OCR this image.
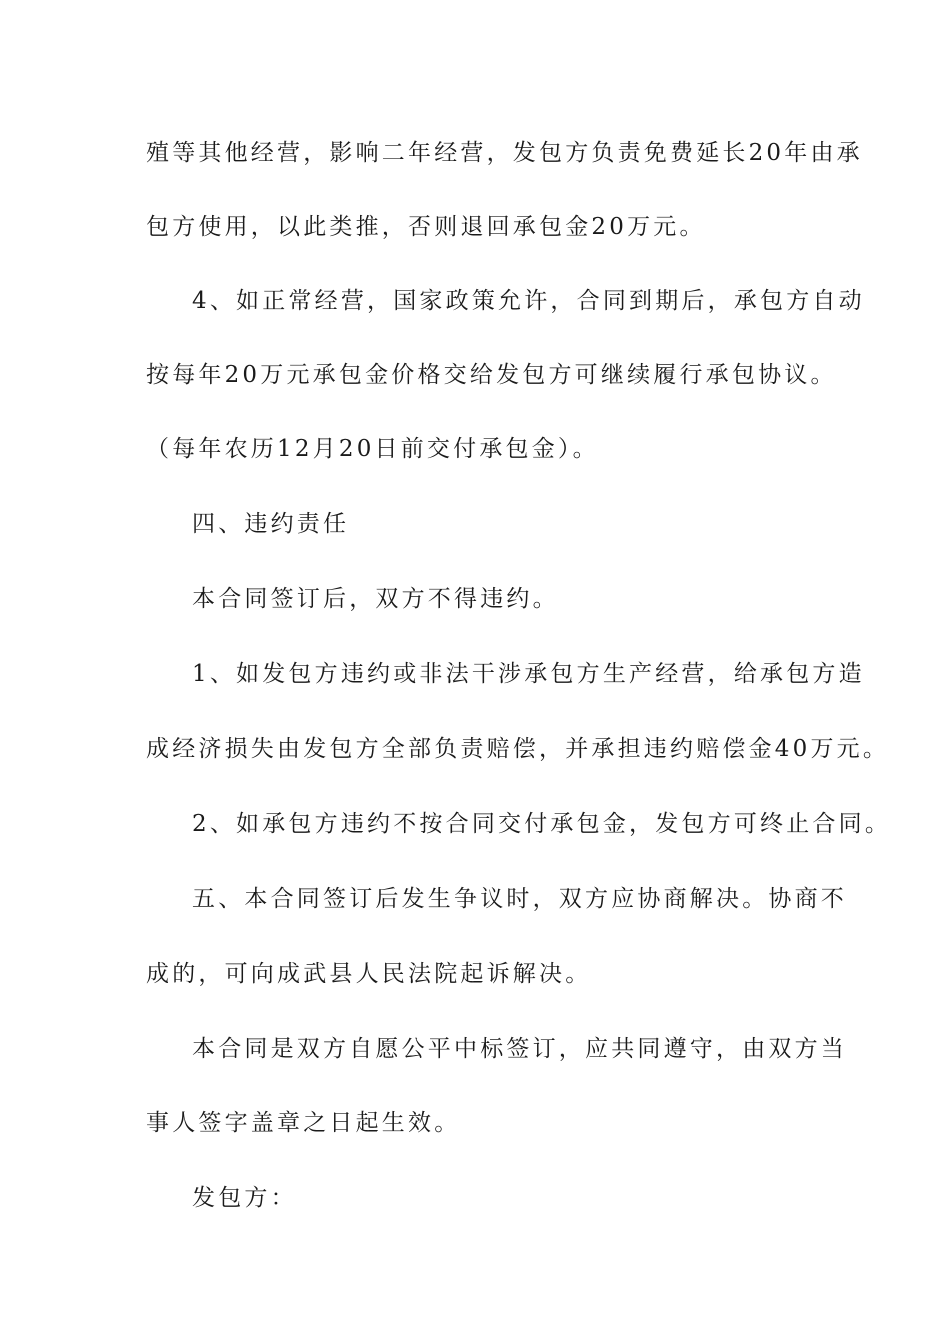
殖等其他经营，影响二年经营，发包方负责免费延长20年由承
包方使用，以此类推，否则退回承包金20万元。
4、如正常经营，国家政策允许，合同到期后，承包方自动
按每年20万元承包金价格交给发包方可继续履行承包协议。
（每年农历12月20日前交付承包金）。
四、违约责任
本合同签订后，双方不得违约。
1、如发包方违约或非法干涉承包方生产经营，给承包方造
成经济损失由发包方全部负责赔偿，并承担违约赔偿金40万元。
2、如承包方违约不按合同交付承包金，发包方可终止合同。
五、本合同签订后发生争议时，双方应协商解决。协商不
成的，可向成武县人民法院起诉解决。
本合同是双方自愿公平中标签订，应共同遵守，由双方当
事人签字盖章之日起生效。
发包方：
